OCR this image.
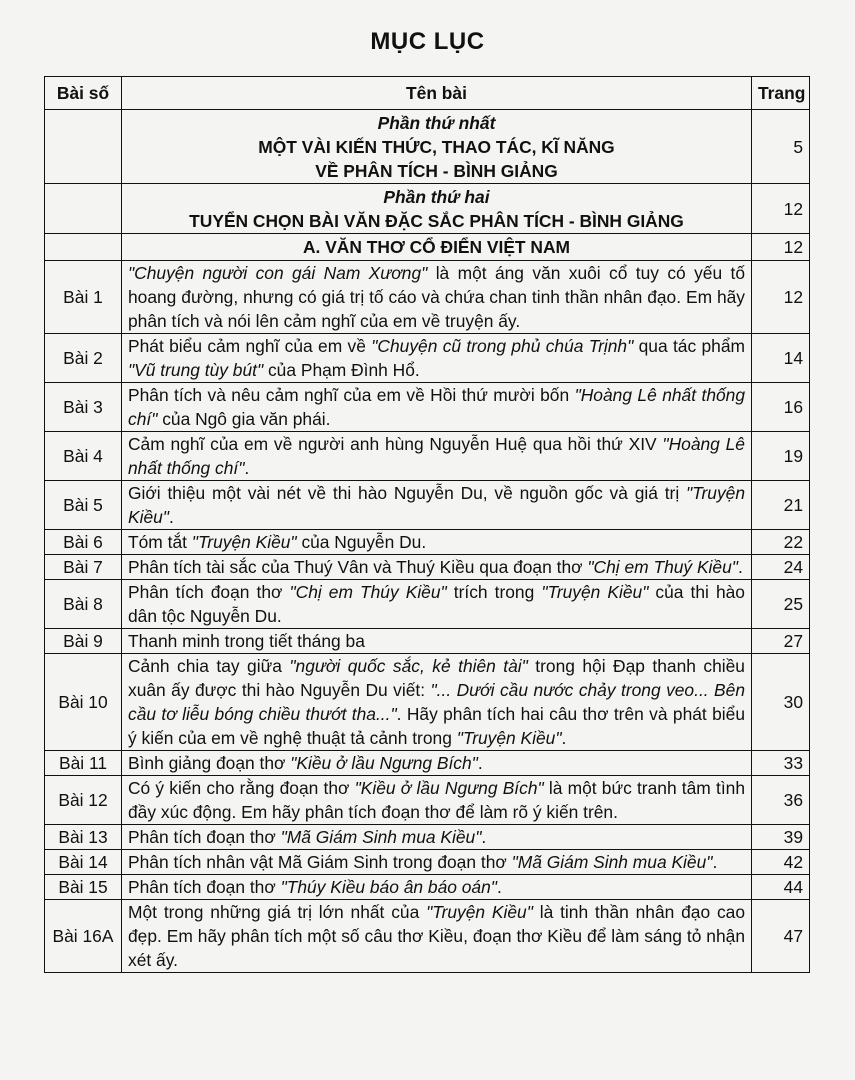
MỤC LỤC
Bài số	Tên bài	Trang

	Phần thứ nhất
MỘT VÀI KIẾN THỨC, THAO TÁC, KĨ NĂNG
VỀ PHÂN TÍCH - BÌNH GIẢNG	5

	Phần thứ hai
TUYỂN CHỌN BÀI VĂN ĐẶC SẮC PHÂN TÍCH - BÌNH GIẢNG	12
	A. VĂN THƠ CỔ ĐIỂN VIỆT NAM	12
Bài 1	"Chuyện người con gái Nam Xương" là một áng văn xuôi cổ tuy có yếu tố hoang đường, nhưng có giá trị tố cáo và chứa chan tinh thần nhân đạo. Em hãy phân tích và nói lên cảm nghĩ của em về truyện ấy.	12
Bài 2	Phát biểu cảm nghĩ của em về "Chuyện cũ trong phủ chúa Trịnh" qua tác phẩm "Vũ trung tùy bút" của Phạm Đình Hổ.	14
Bài 3	Phân tích và nêu cảm nghĩ của em về Hồi thứ mười bốn "Hoàng Lê nhất thống chí" của Ngô gia văn phái.	16
Bài 4	Cảm nghĩ của em về người anh hùng Nguyễn Huệ qua hồi thứ XIV "Hoàng Lê nhất thống chí".	19
Bài 5	Giới thiệu một vài nét về thi hào Nguyễn Du, về nguồn gốc và giá trị "Truyện Kiều".	21
Bài 6	Tóm tắt "Truyện Kiều" của Nguyễn Du.	22
Bài 7	Phân tích tài sắc của Thuý Vân và Thuý Kiều qua đoạn thơ "Chị em Thuý Kiều".	24
Bài 8	Phân tích đoạn thơ "Chị em Thúy Kiều" trích trong "Truyện Kiều" của thi hào dân tộc Nguyễn Du.	25
Bài 9	Thanh minh trong tiết tháng ba	27
Bài 10	Cảnh chia tay giữa "người quốc sắc, kẻ thiên tài" trong hội Đạp thanh chiều xuân ấy được thi hào Nguyễn Du viết: "... Dưới cầu nước chảy trong veo... Bên cầu tơ liễu bóng chiều thướt tha...". Hãy phân tích hai câu thơ trên và phát biểu ý kiến của em về nghệ thuật tả cảnh trong "Truyện Kiều".	30
Bài 11	Bình giảng đoạn thơ "Kiều ở lầu Ngưng Bích".	33
Bài 12	Có ý kiến cho rằng đoạn thơ "Kiều ở lầu Ngưng Bích" là một bức tranh tâm tình đầy xúc động. Em hãy phân tích đoạn thơ để làm rõ ý kiến trên.	36
Bài 13	Phân tích đoạn thơ "Mã Giám Sinh mua Kiều".	39
Bài 14	Phân tích nhân vật Mã Giám Sinh trong đoạn thơ "Mã Giám Sinh mua Kiều".	42
Bài 15	Phân tích đoạn thơ "Thúy Kiều báo ân báo oán".	44
Bài 16A	Một trong những giá trị lớn nhất của "Truyện Kiều" là tinh thần nhân đạo cao đẹp. Em hãy phân tích một số câu thơ Kiều, đoạn thơ Kiều để làm sáng tỏ nhận xét ấy.	47
